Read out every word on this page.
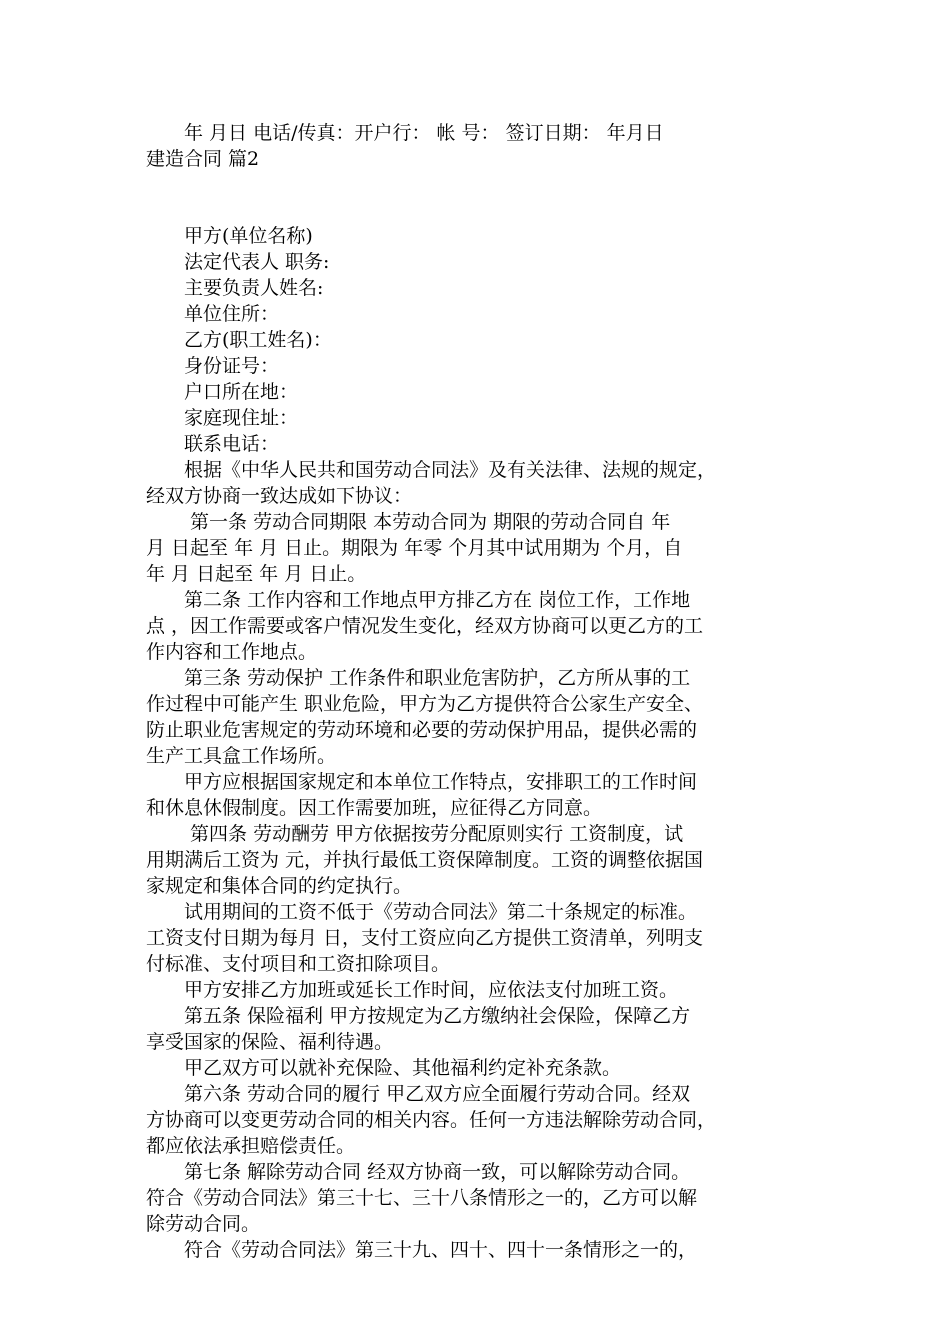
　　年 月日 电话/传真：开户行： 帐 号： 签订日期： 年月日
建造合同 篇2
　　甲方(单位名称)
　　法定代表人 职务:
　　主要负责人姓名:
　　单位住所：
　　乙方(职工姓名)：
　　身份证号：
　　户口所在地：
　　家庭现住址：
　　联系电话：
　　根据《中华人民共和国劳动合同法》及有关法律、法规的规定，
经双方协商一致达成如下协议：
　　 第一条 劳动合同期限 本劳动合同为 期限的劳动合同自 年
月 日起至 年 月 日止。期限为 年零 个月其中试用期为 个月，自
年 月 日起至 年 月 日止。
　　第二条 工作内容和工作地点甲方排乙方在 岗位工作，工作地
点 ，因工作需要或客户情况发生变化，经双方协商可以更乙方的工
作内容和工作地点。
　　第三条 劳动保护 工作条件和职业危害防护，乙方所从事的工
作过程中可能产生 职业危险，甲方为乙方提供符合公家生产安全、
防止职业危害规定的劳动环境和必要的劳动保护用品，提供必需的
生产工具盒工作场所。
　　甲方应根据国家规定和本单位工作特点，安排职工的工作时间
和休息休假制度。因工作需要加班，应征得乙方同意。
　　 第四条 劳动酬劳 甲方依据按劳分配原则实行 工资制度，试
用期满后工资为 元，并执行最低工资保障制度。工资的调整依据国
家规定和集体合同的约定执行。
　　试用期间的工资不低于《劳动合同法》第二十条规定的标准。
工资支付日期为每月 日，支付工资应向乙方提供工资清单，列明支
付标准、支付项目和工资扣除项目。
　　甲方安排乙方加班或延长工作时间，应依法支付加班工资。
　　第五条 保险福利 甲方按规定为乙方缴纳社会保险，保障乙方
享受国家的保险、福利待遇。
　　甲乙双方可以就补充保险、其他福利约定补充条款。
　　第六条 劳动合同的履行 甲乙双方应全面履行劳动合同。经双
方协商可以变更劳动合同的相关内容。任何一方违法解除劳动合同，
都应依法承担赔偿责任。
　　第七条 解除劳动合同 经双方协商一致，可以解除劳动合同。
符合《劳动合同法》第三十七、三十八条情形之一的，乙方可以解
除劳动合同。
　　符合《劳动合同法》第三十九、四十、四十一条情形之一的，
